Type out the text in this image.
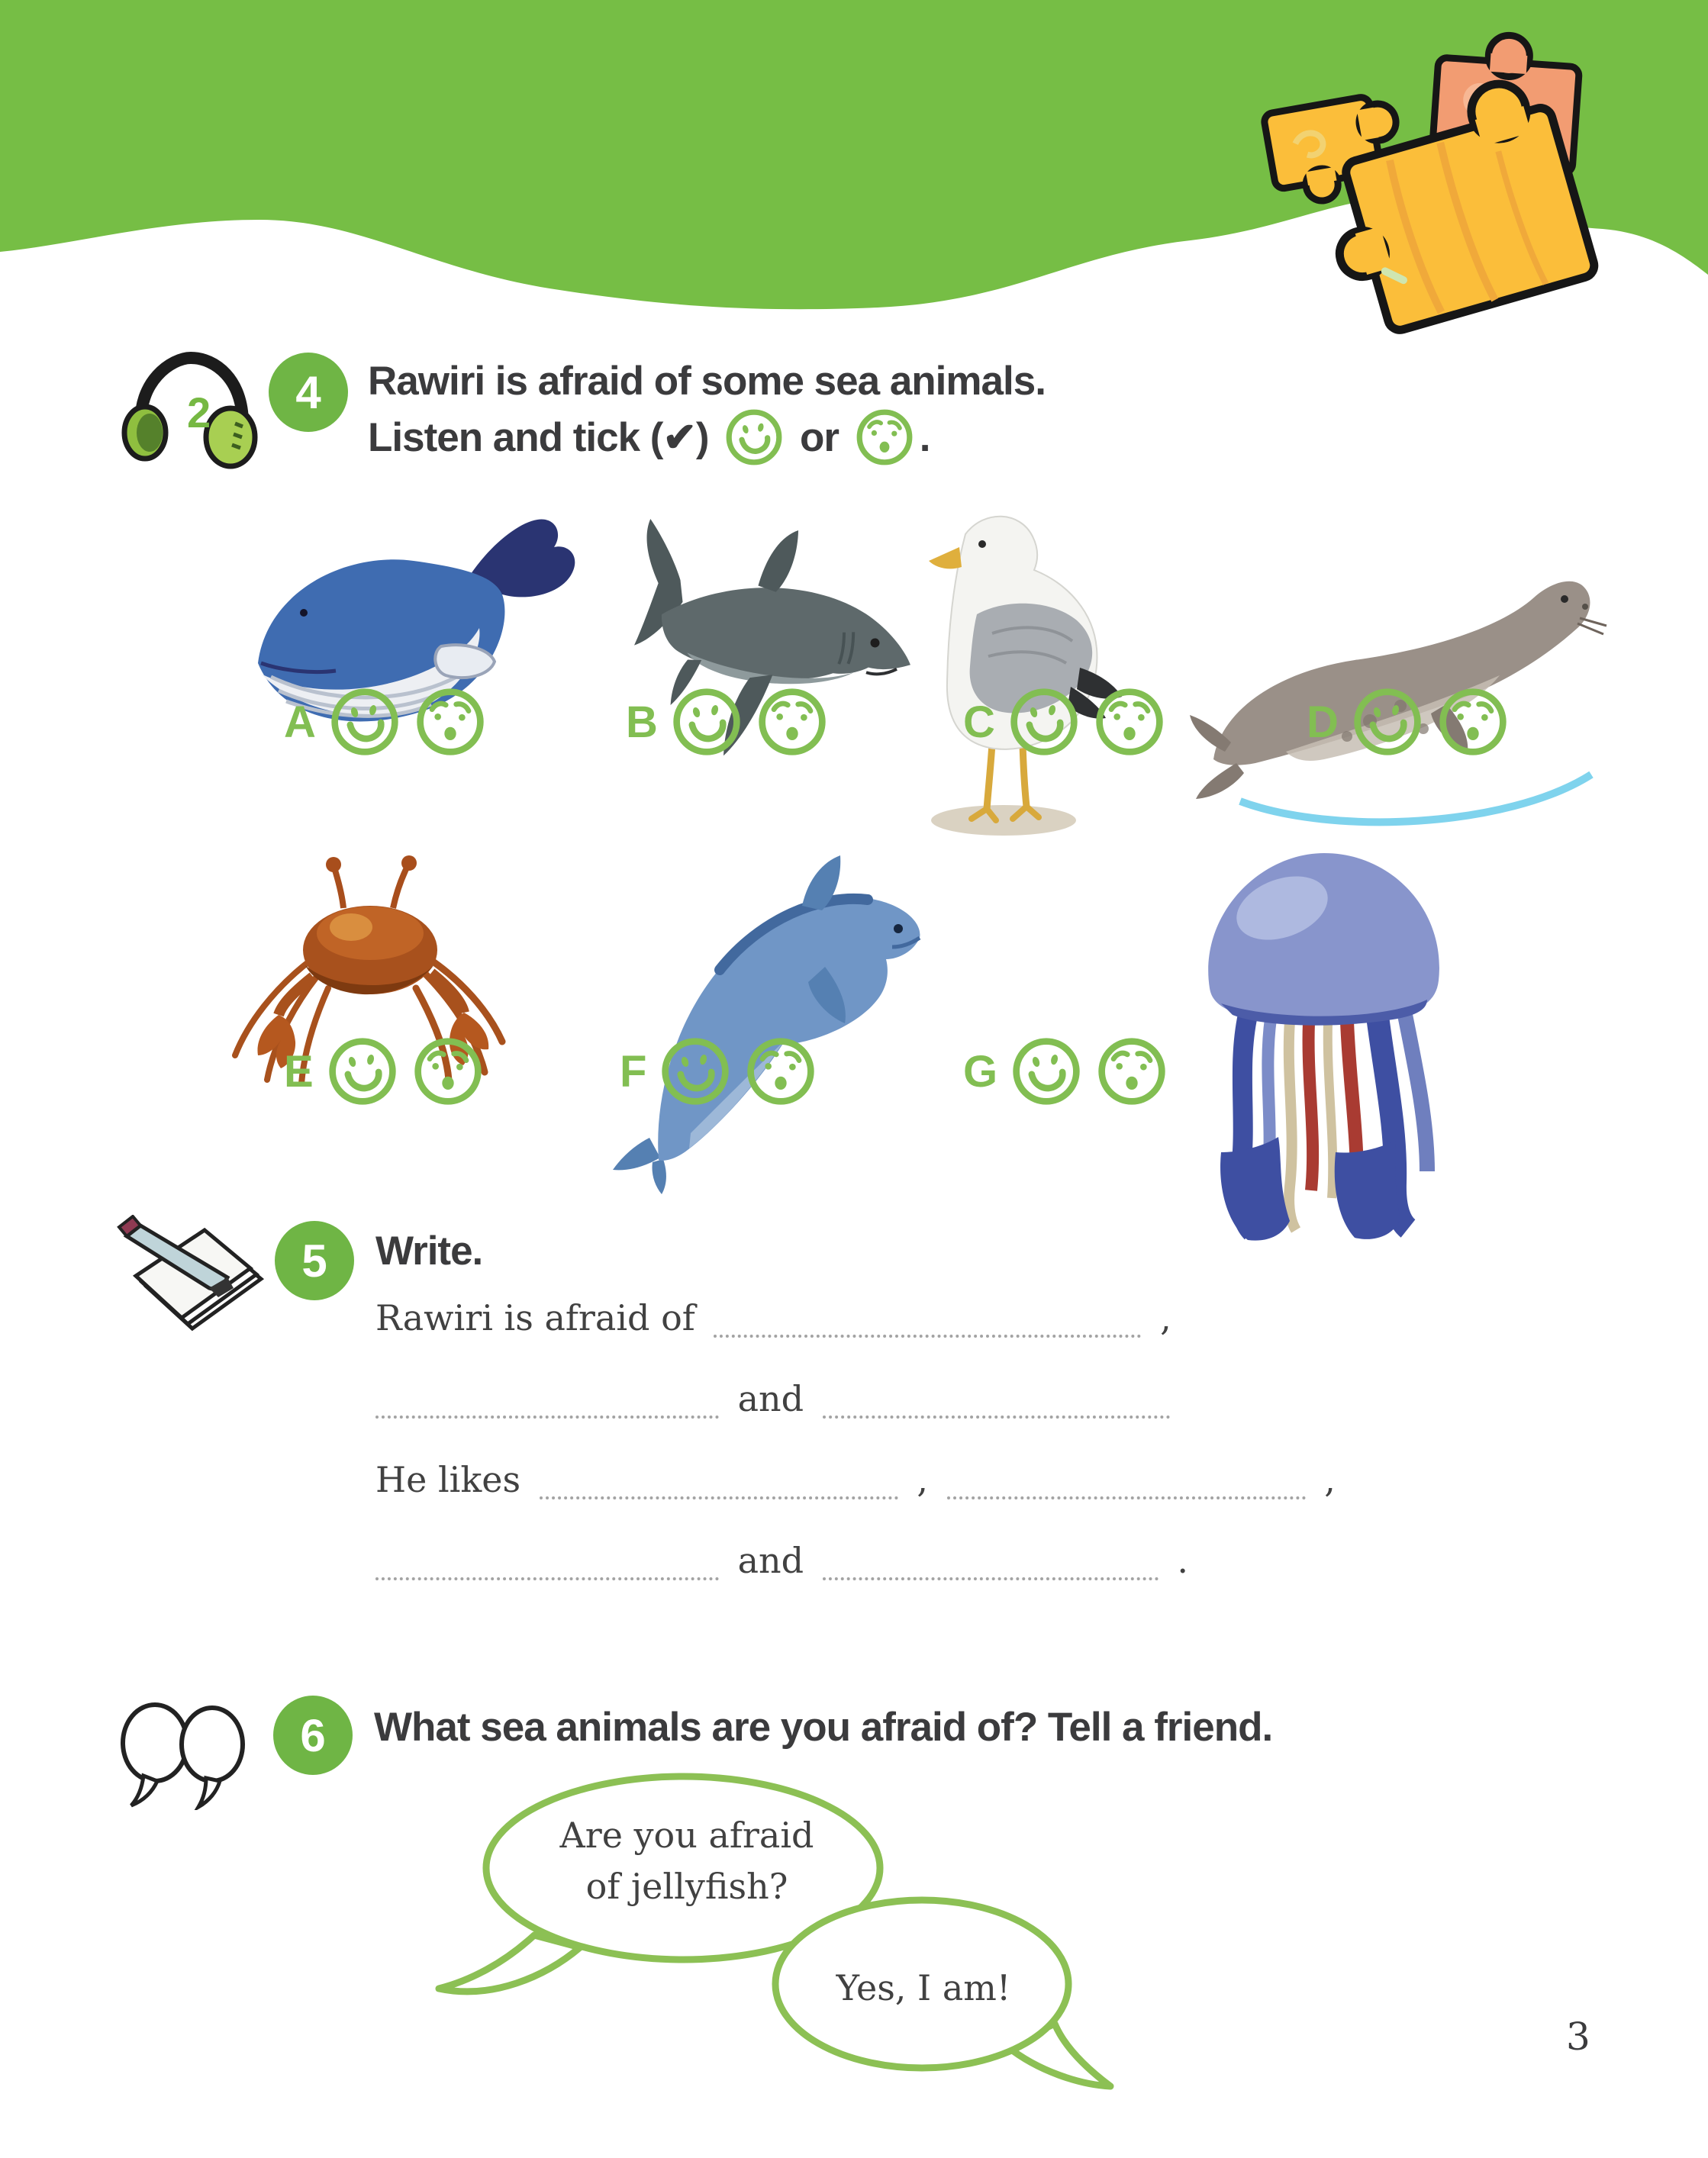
2 4 Rawiri is afraid of some sea animals.
Listen and tick (✔) or .
A	B	C	D
E	F	G
5 Write.
Rawiri is afraid of	,
and
He likes	,	,
and	.
6 What sea animals are you afraid of? Tell a friend.
Are you afraid
of jellyfish?
Yes, I am!
3
